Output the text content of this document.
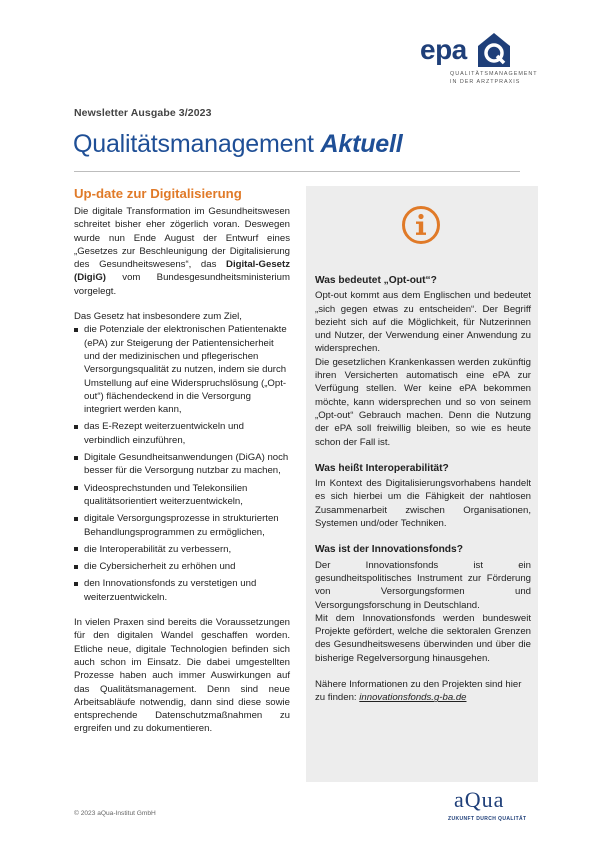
epa
QUALITÄTSMANAGEMENT
IN DER ARZTPRAXIS
Newsletter Ausgabe 3/2023
Qualitätsmanagement Aktuell
Up-date zur Digitalisierung

Die digitale Transformation im Gesundheitswesen schreitet bisher eher zögerlich voran. Deswegen wurde nun Ende August der Entwurf eines „Gesetzes zur Beschleunigung der Digitalisierung des Gesundheitswesens“, das Digital-Gesetz (DigiG) vom Bundesgesundheitsministerium vorgelegt.

Das Gesetz hat insbesondere zum Ziel,

die Potenziale der elektronischen Patientenakte (ePA) zur Steigerung der Patientensicherheit und der medizinischen und pflegerischen Versorgungsqualität zu nutzen, indem sie durch Umstellung auf eine Widerspruchslösung („Opt-out“) flächendeckend in die Versorgung integriert werden kann,
das E-Rezept weiterzuentwickeln und verbindlich einzuführen,
Digitale Gesundheitsanwendungen (DiGA) noch besser für die Versorgung nutzbar zu machen,
Videosprechstunden und Telekonsilien qualitätsorientiert weiterzuentwickeln,
digitale Versorgungsprozesse in strukturierten Behandlungsprogrammen zu ermöglichen,
die Interoperabilität zu verbessern,
die Cybersicherheit zu erhöhen und
den Innovationsfonds zu verstetigen und weiterzuentwickeln.

In vielen Praxen sind bereits die Voraussetzungen für den digitalen Wandel geschaffen worden. Etliche neue, digitale Technologien befinden sich auch schon im Einsatz. Die dabei umgestellten Prozesse haben auch immer Auswirkungen auf das Qualitätsmanagement. Denn sind neue Arbeitsabläufe notwendig, dann sind diese sowie entsprechende Datenschutzmaßnahmen zu ergreifen und zu dokumentieren.

Was bedeutet „Opt-out“?

Opt-out kommt aus dem Englischen und bedeutet „sich gegen etwas zu entscheiden“. Der Begriff bezieht sich auf die Möglichkeit, für Nutzerinnen und Nutzer, der Verwendung einer Anwendung zu widersprechen.

Die gesetzlichen Krankenkassen werden zukünftig ihren Versicherten automatisch eine ePA zur Verfügung stellen. Wer keine ePA bekommen möchte, kann widersprechen und so von seinem „Opt-out“ Gebrauch machen. Denn die Nutzung der ePA soll freiwillig bleiben, so wie es heute schon der Fall ist.

Was heißt Interoperabilität?

Im Kontext des Digitalisierungsvorhabens handelt es sich hierbei um die Fähigkeit der nahtlosen Zusammenarbeit zwischen Organisationen, Systemen und/oder Techniken.

Was ist der Innovationsfonds?

Der Innovationsfonds ist ein gesundheitspolitisches Instrument zur Förderung von Versorgungsformen und Versorgungsforschung in Deutschland.

Mit dem Innovationsfonds werden bundesweit Projekte gefördert, welche die sektoralen Grenzen des Gesundheitswesens überwinden und über die bisherige Regelversorgung hinausgehen.

Nähere Informationen zu den Projekten sind hier zu finden: innovationsfonds.g-ba.de

© 2023 aQua-Institut GmbH
aQua
ZUKUNFT DURCH QUALITÄT
